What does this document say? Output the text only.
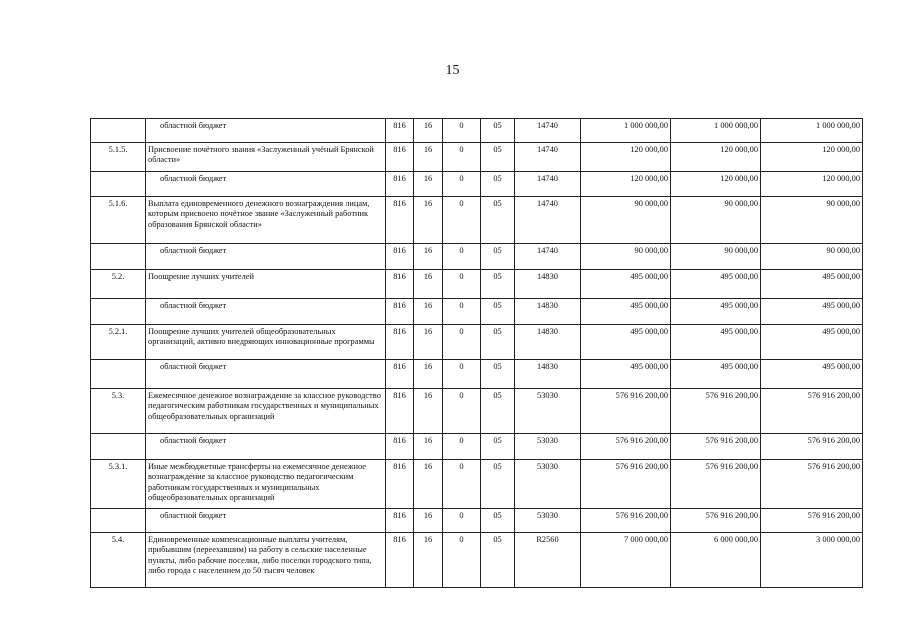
15
	областной бюджет	816	16	0	05	14740	1 000 000,00	1 000 000,00	1 000 000,00
5.1.5.	Присвоение почётного звания «Заслуженный учёный Брянской области»	816	16	0	05	14740	120 000,00	120 000,00	120 000,00
	областной бюджет	816	16	0	05	14740	120 000,00	120 000,00	120 000,00
5.1.6.	Выплата единовременного денежного вознаграждения лицам, которым присвоено почётное звание «Заслуженный работник образования Брянской области»	816	16	0	05	14740	90 000,00	90 000,00	90 000,00
	областной бюджет	816	16	0	05	14740	90 000,00	90 000,00	90 000,00
5.2.	Поощрение лучших учителей	816	16	0	05	14830	495 000,00	495 000,00	495 000,00
	областной бюджет	816	16	0	05	14830	495 000,00	495 000,00	495 000,00
5.2.1.	Поощрение лучших учителей общеобразовательных организаций, активно внедряющих инновационные программы	816	16	0	05	14830	495 000,00	495 000,00	495 000,00
	областной бюджет	816	16	0	05	14830	495 000,00	495 000,00	495 000,00
5.3.	Ежемесячное денежное вознаграждение за классное руководство педагогическим работникам государственных и муниципальных общеобразовательных организаций	816	16	0	05	53030	576 916 200,00	576 916 200,00	576 916 200,00
	областной бюджет	816	16	0	05	53030	576 916 200,00	576 916 200,00	576 916 200,00
5.3.1.	Иные межбюджетные трансферты на ежемесячное денежное вознаграждение за классное руководство педагогическим работникам государственных и муниципальных общеобразовательных организаций	816	16	0	05	53030	576 916 200,00	576 916 200,00	576 916 200,00
	областной бюджет	816	16	0	05	53030	576 916 200,00	576 916 200,00	576 916 200,00
5.4.	Единовременные компенсационные выплаты учителям, прибывшим (переехавшим) на работу в сельские населенные пункты, либо рабочие поселки, либо поселки городского типа, либо города с населением до 50 тысяч человек	816	16	0	05	R2560	7 000 000,00	6 000 000,00	3 000 000,00
